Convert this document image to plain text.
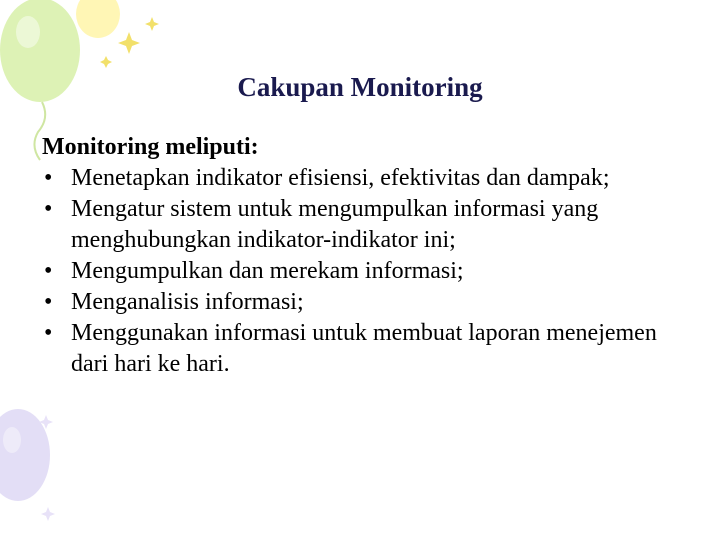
Cakupan Monitoring
Monitoring meliputi:
• Menetapkan indikator efisiensi, efektivitas dan dampak;
• Mengatur sistem untuk mengumpulkan informasi yang menghubungkan indikator-indikator ini;
• Mengumpulkan dan merekam informasi;
• Menganalisis informasi;
• Menggunakan informasi untuk membuat laporan menejemen dari hari ke hari.
